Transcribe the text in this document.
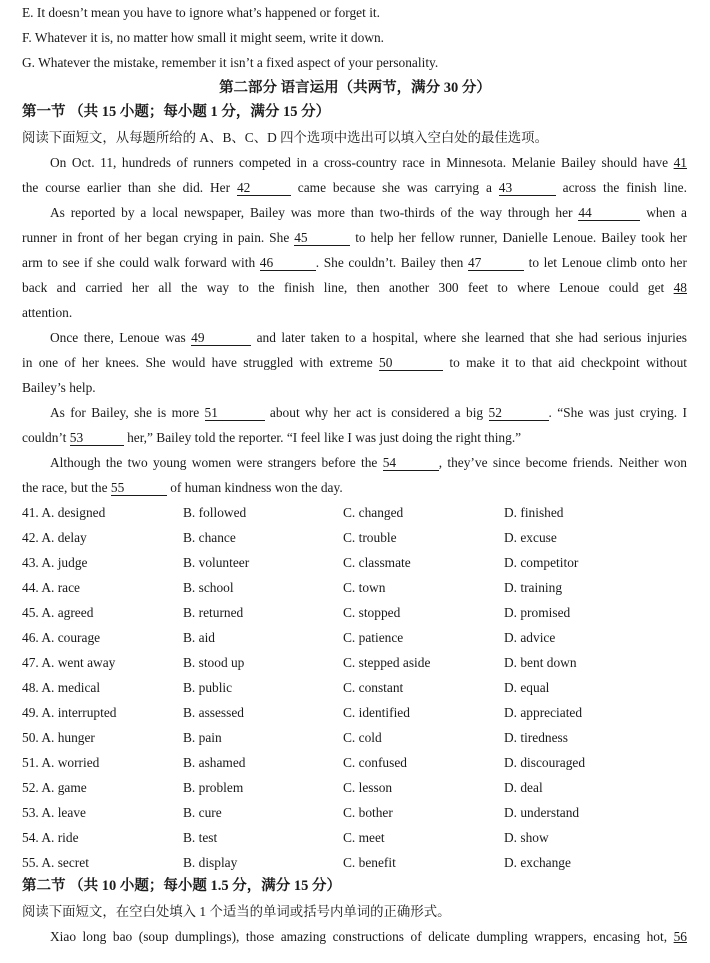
E. It doesn’t mean you have to ignore what’s happened or forget it.
F. Whatever it is, no matter how small it might seem, write it down.
G. Whatever the mistake, remember it isn’t a fixed aspect of your personality.
第二部分 语言运用（共两节，满分 30 分）
第一节 （共 15 小题；每小题 1 分，满分 15 分）
阅读下面短文，从每题所给的 A、B、C、D 四个选项中选出可以填入空白处的最佳选项。
On Oct. 11, hundreds of runners competed in a cross-country race in Minnesota. Melanie Bailey should have 41
the course earlier than she did. Her 42	came because she was carrying a 43	across the finish line.
As reported by a local newspaper, Bailey was more than two-thirds of the way through her 44	when a
runner in front of her began crying in pain. She 45	to help her fellow runner, Danielle Lenoue. Bailey took her
arm to see if she could walk forward with 46	. She couldn’t. Bailey then 47	to let Lenoue climb onto her
back and carried her all the way to the finish line, then another 300 feet to where Lenoue could get 48
attention.
Once there, Lenoue was 49	and later taken to a hospital, where she learned that she had serious injuries
in one of her knees. She would have struggled with extreme 50	to make it to that aid checkpoint without
Bailey’s help.
As for Bailey, she is more 51	about why her act is considered a big 52	. “She was just crying. I
couldn’t 53	her,” Bailey told the reporter. “I feel like I was just doing the right thing.”
Although the two young women were strangers before the 54	, they’ve since become friends. Neither won
the race, but the 55	of human kindness won the day.
41. A. designed	B. followed	C. changed	D. finished
42. A. delay	B. chance	C. trouble	D. excuse
43. A. judge	B. volunteer	C. classmate	D. competitor
44. A. race	B. school	C. town	D. training
45. A. agreed	B. returned	C. stopped	D. promised
46. A. courage	B. aid	C. patience	D. advice
47. A. went away	B. stood up	C. stepped aside	D. bent down
48. A. medical	B. public	C. constant	D. equal
49. A. interrupted	B. assessed	C. identified	D. appreciated
50. A. hunger	B. pain	C. cold	D. tiredness
51. A. worried	B. ashamed	C. confused	D. discouraged
52. A. game	B. problem	C. lesson	D. deal
53. A. leave	B. cure	C. bother	D. understand
54. A. ride	B. test	C. meet	D. show
55. A. secret	B. display	C. benefit	D. exchange
第二节 （共 10 小题；每小题 1.5 分，满分 15 分）
阅读下面短文，在空白处填入 1 个适当的单词或括号内单词的正确形式。
Xiao long bao (soup dumplings), those amazing constructions of delicate dumpling wrappers, encasing hot, 56
